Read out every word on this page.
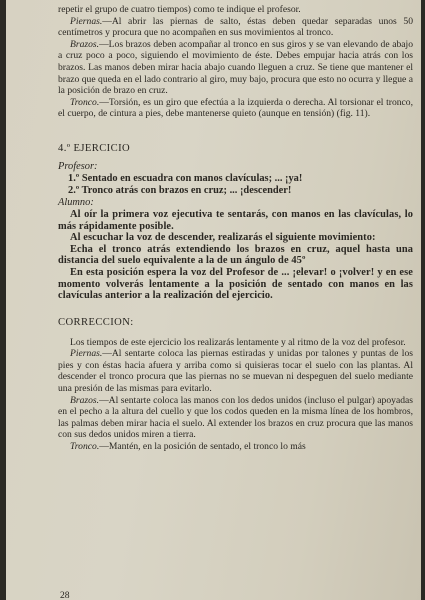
repetir el grupo de cuatro tiempos) como te indique el profesor.

Piernas.—Al abrir las piernas de salto, éstas deben quedar separadas unos 50 centímetros y procura que no acompañen en sus movimientos al tronco.

Brazos.—Los brazos deben acompañar al tronco en sus giros y se van elevando de abajo a cruz poco a poco, siguiendo el movimiento de éste. Debes empujar hacia atrás con los brazos. Las manos deben mirar hacia abajo cuando lleguen a cruz. Se tiene que mantener el brazo que queda en el lado contrario al giro, muy bajo, procura que esto no ocurra y llegue a la posición de brazo en cruz.

Tronco.—Torsión, es un giro que efectúa a la izquierda o derecha. Al torsionar el tronco, el cuerpo, de cintura a pies, debe mantenerse quieto (aunque en tensión) (fig. 11).

4.º EJERCICIO

Profesor:

1.º Sentado en escuadra con manos clavículas; ... ¡ya!

2.º Tronco atrás con brazos en cruz; ... ¡descender!

Alumno:

Al oír la primera voz ejecutiva te sentarás, con manos en las clavículas, lo más rápidamente posible.

Al escuchar la voz de descender, realizarás el siguiente movimiento:

Echa el tronco atrás extendiendo los brazos en cruz, aquel hasta una distancia del suelo equivalente a la de un ángulo de 45º

En esta posición espera la voz del Profesor de ... ¡elevar! o ¡volver! y en ese momento volverás lentamente a la posición de sentado con manos en las clavículas anterior a la realización del ejercicio.

CORRECCION:

Los tiempos de este ejercicio los realizarás lentamente y al ritmo de la voz del profesor.

Piernas.—Al sentarte coloca las piernas estiradas y unidas por talones y puntas de los pies y con éstas hacia afuera y arriba como si quisieras tocar el suelo con las plantas. Al descender el tronco procura que las piernas no se muevan ni despeguen del suelo mediante una presión de las mismas para evitarlo.

Brazos.—Al sentarte coloca las manos con los dedos unidos (incluso el pulgar) apoyadas en el pecho a la altura del cuello y que los codos queden en la misma línea de los hombros, las palmas deben mirar hacia el suelo. Al extender los brazos en cruz procura que las manos con sus dedos unidos miren a tierra.

Tronco.—Mantén, en la posición de sentado, el tronco lo más

28
